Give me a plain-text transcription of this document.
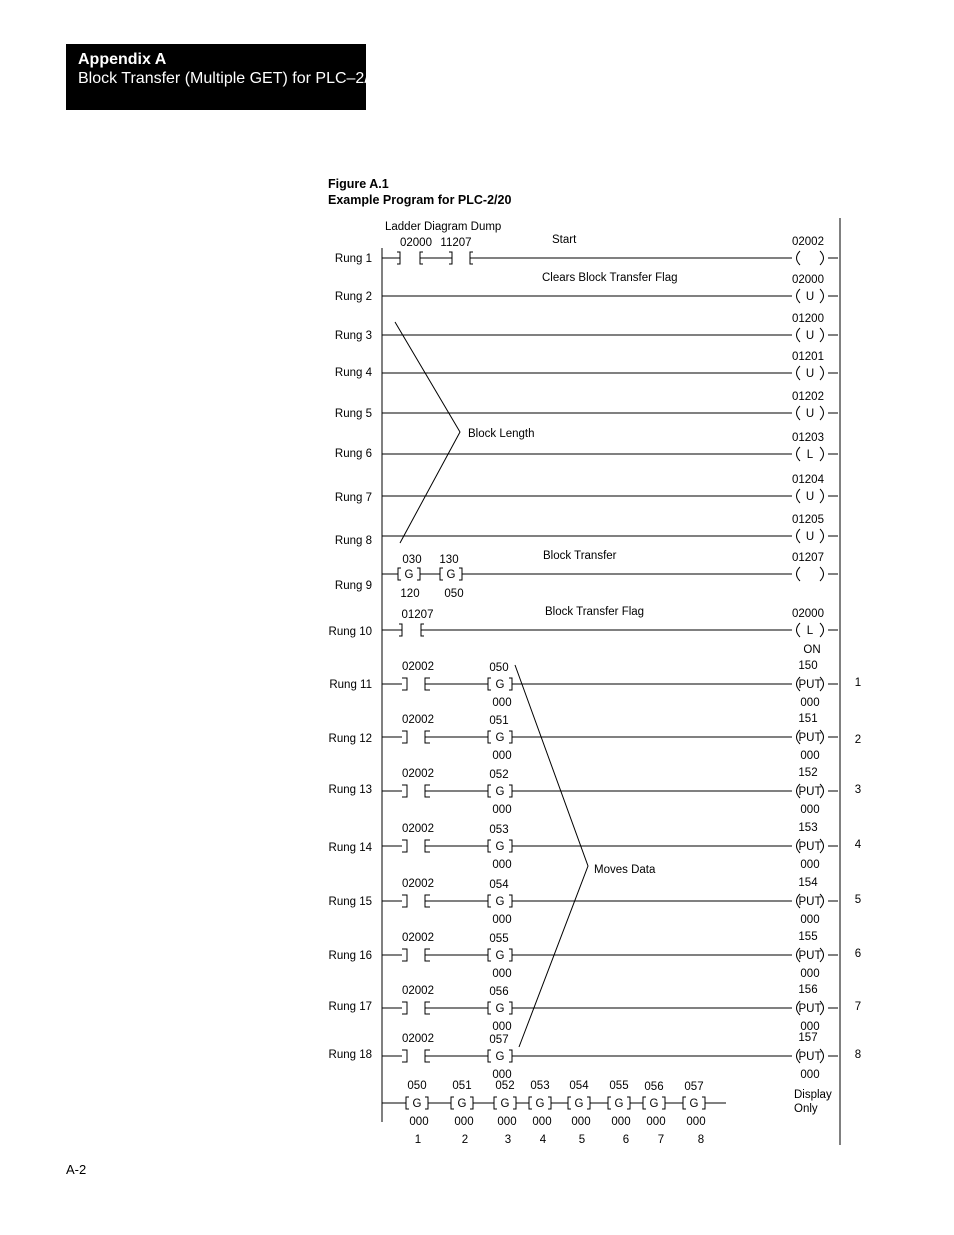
Appendix A
Block Transfer (Multiple GET) for PLC–2/2
Figure A.1
Example Program for PLC-2/20
Ladder Diagram Dump
Rung 1
02000 11207	Start	02002
Rung 2
Clears Block Transfer Flag	02000
U
Rung 3
01200
U
Rung 4
01201
U
Rung 5
01202
U
Rung 6
01203
L
Rung 7
01204
U
Rung 8
01205
U
Rung 9
G
030
120
G
130
050
Block Transfer	01207
Rung 10
01207	Block Transfer Flag	02000
L
Rung 11
02002
G
050
000
150
PUT
000
1
Rung 12
02002
G
051
000
151
PUT
000
2
Rung 13
02002
G
052
000
152
PUT
000
3
Rung 14
02002
G
053
000
153
PUT
000
4
Rung 15
02002
G
054
000
154
PUT
000
5
Rung 16
02002
G
055
000
155
PUT
000
6
Rung 17
02002
G
056
000
156
PUT
000
7
Rung 18
02002
G
057
000
157
PUT
000
8
ON
Block Length
Moves Data
G
050
000
1
G
051
000
2
G
052
000
3
G
053
000
4
G
054
000
5
G
055
000
6
G
056
000
7
G
057
000
8
Display
Only
A-2
